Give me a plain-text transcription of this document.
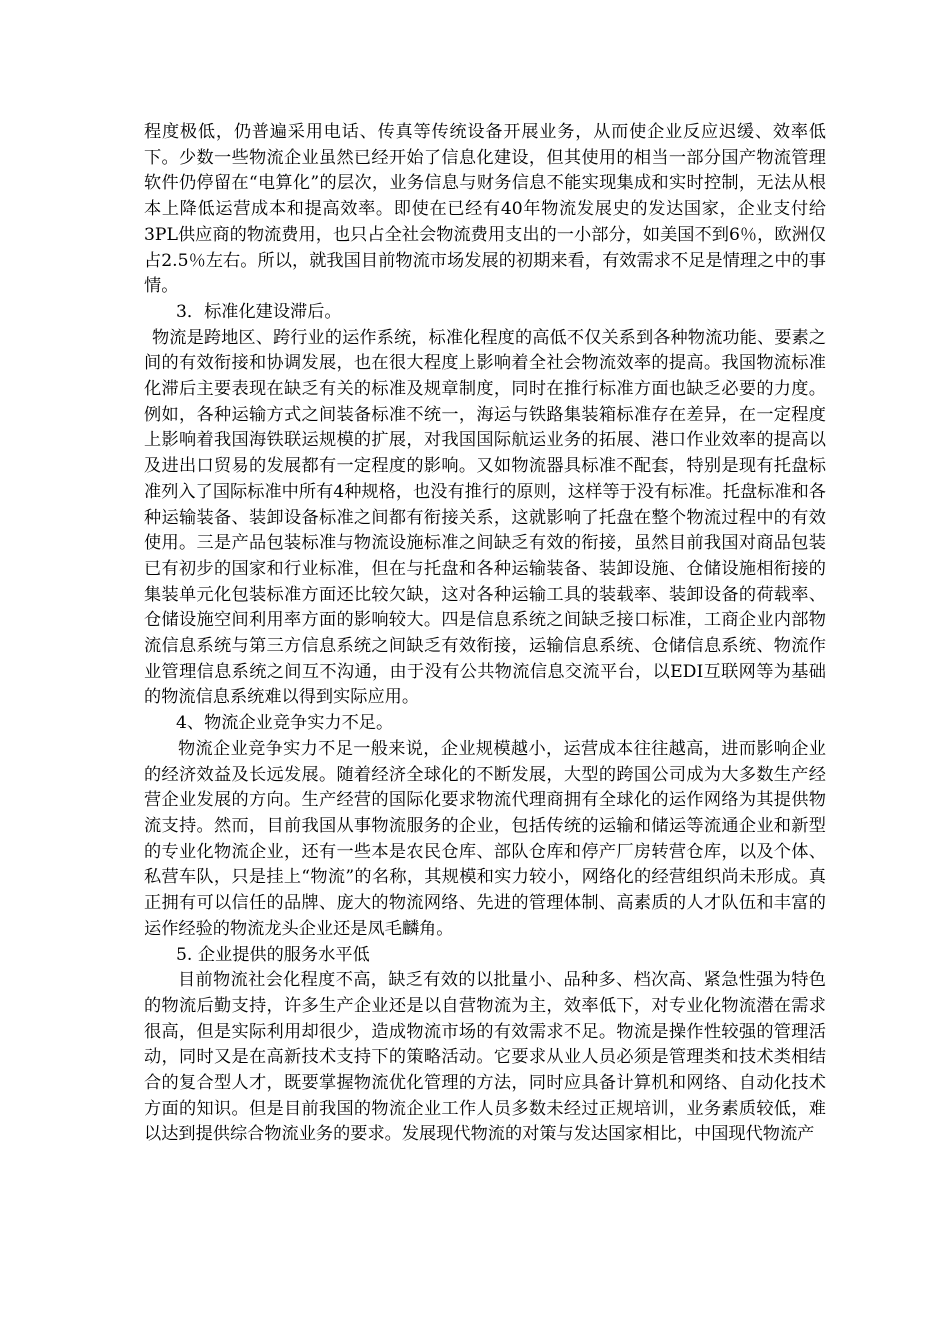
程度极低，仍普遍采用电话、传真等传统设备开展业务，从而使企业反应迟缓、效率低下。少数一些物流企业虽然已经开始了信息化建设，但其使用的相当一部分国产物流管理软件仍停留在“电算化”的层次，业务信息与财务信息不能实现集成和实时控制，无法从根本上降低运营成本和提高效率。即使在已经有40年物流发展史的发达国家，企业支付给3PL供应商的物流费用，也只占全社会物流费用支出的一小部分，如美国不到6％，欧洲仅占2.5％左右。所以，就我国目前物流市场发展的初期来看，有效需求不足是情理之中的事情。

3．标准化建设滞后。

物流是跨地区、跨行业的运作系统，标准化程度的高低不仅关系到各种物流功能、要素之间的有效衔接和协调发展，也在很大程度上影响着全社会物流效率的提高。我国物流标准化滞后主要表现在缺乏有关的标准及规章制度，同时在推行标准方面也缺乏必要的力度。例如，各种运输方式之间装备标准不统一，海运与铁路集装箱标准存在差异，在一定程度上影响着我国海铁联运规模的扩展，对我国国际航运业务的拓展、港口作业效率的提高以及进出口贸易的发展都有一定程度的影响。又如物流器具标准不配套，特别是现有托盘标准列入了国际标准中所有4种规格，也没有推行的原则，这样等于没有标准。托盘标准和各种运输装备、装卸设备标准之间都有衔接关系，这就影响了托盘在整个物流过程中的有效使用。三是产品包装标准与物流设施标准之间缺乏有效的衔接，虽然目前我国对商品包装已有初步的国家和行业标准，但在与托盘和各种运输装备、装卸设施、仓储设施相衔接的集装单元化包装标准方面还比较欠缺，这对各种运输工具的装载率、装卸设备的荷载率、仓储设施空间利用率方面的影响较大。四是信息系统之间缺乏接口标准，工商企业内部物流信息系统与第三方信息系统之间缺乏有效衔接，运输信息系统、仓储信息系统、物流作业管理信息系统之间互不沟通，由于没有公共物流信息交流平台，以EDI互联网等为基础的物流信息系统难以得到实际应用。

4、物流企业竞争实力不足。

物流企业竞争实力不足一般来说，企业规模越小，运营成本往往越高，进而影响企业的经济效益及长远发展。随着经济全球化的不断发展，大型的跨国公司成为大多数生产经营企业发展的方向。生产经营的国际化要求物流代理商拥有全球化的运作网络为其提供物流支持。然而，目前我国从事物流服务的企业，包括传统的运输和储运等流通企业和新型的专业化物流企业，还有一些本是农民仓库、部队仓库和停产厂房转营仓库，以及个体、私营车队，只是挂上“物流”的名称，其规模和实力较小，网络化的经营组织尚未形成。真正拥有可以信任的品牌、庞大的物流网络、先进的管理体制、高素质的人才队伍和丰富的运作经验的物流龙头企业还是凤毛麟角。

5. 企业提供的服务水平低

目前物流社会化程度不高，缺乏有效的以批量小、品种多、档次高、紧急性强为特色的物流后勤支持，许多生产企业还是以自营物流为主，效率低下，对专业化物流潜在需求很高，但是实际利用却很少，造成物流市场的有效需求不足。物流是操作性较强的管理活动，同时又是在高新技术支持下的策略活动。它要求从业人员必须是管理类和技术类相结合的复合型人才，既要掌握物流优化管理的方法，同时应具备计算机和网络、自动化技术方面的知识。但是目前我国的物流企业工作人员多数未经过正规培训，业务素质较低，难以达到提供综合物流业务的要求。发展现代物流的对策与发达国家相比，中国现代物流产
